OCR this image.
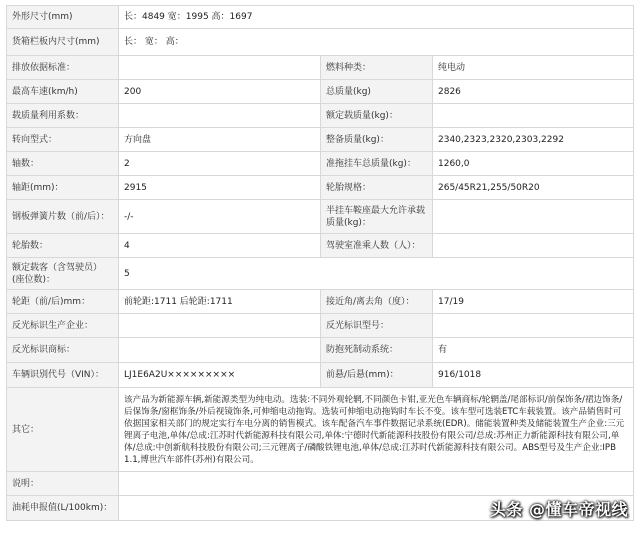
外形尺寸(mm)	长：4849 宽：1995 高：1697		
货箱栏板内尺寸(mm)	长： 宽： 高：		
排放依据标准：		燃料种类：	纯电动
最高车速(km/h)	200	总质量(kg)	2826
载质量利用系数：		额定载质量(kg)：	
转向型式：	方向盘	整备质量(kg)：	2340,2323,2320,2303,2292
轴数：	2	准拖挂车总质量(kg)：	1260,0
轴距(mm)：	2915	轮胎规格：	265/45R21,255/50R20
钢板弹簧片数（前/后）：	-/-	半挂车鞍座最大允许承载质量(kg)：	
轮胎数：	4	驾驶室准乘人数（人）：	
额定载客（含驾驶员）(座位数)：	5		
轮距（前/后)mm：	前轮距:1711 后轮距:1711	接近角/离去角（度）：	17/19
反光标识生产企业：		反光标识型号：	
反光标识商标：		防抱死制动系统：	有
车辆识别代号（VIN）：	LJ1E6A2U×××××××××	前悬/后悬(mm)：	916/1018
其它：	该产品为新能源车辆,新能源类型为纯电动。选装:不同外观轮辋,不同颜色卡钳,亚光色车辆商标/轮辋盖/尾部标识/前保饰条/裙边饰条/后保饰条/窗框饰条/外后视镜饰条,可伸缩电动拖钩。选装可伸缩电动拖钩时车长不变。该车型可选装ETC车载装置。该产品销售时可依据国家相关部门的规定实行车电分离的销售模式。该车配备汽车事件数据记录系统(EDR)。储能装置种类及储能装置生产企业:三元锂离子电池,单体/总成:江苏时代新能源科技有限公司,单体:宁德时代新能源科技股份有限公司/总成:苏州正力新能源科技有限公司,单体/总成:中创新航科技股份有限公司;三元锂离子/磷酸铁锂电池,单体/总成:江苏时代新能源科技有限公司。ABS型号及生产企业:IPB 1.1,博世汽车部件(苏州)有限公司。		
说明：			
油耗申报值(L/100km)：				头条 @懂车帝视线
